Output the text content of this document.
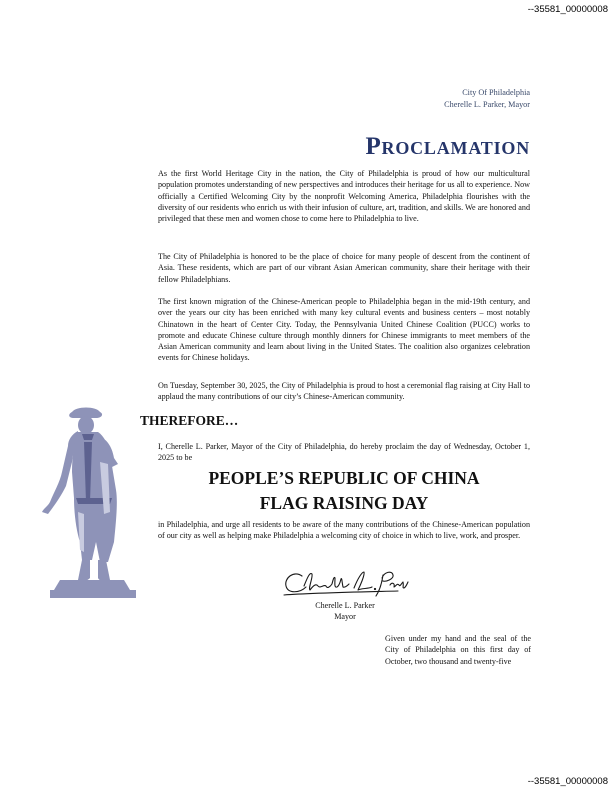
--35581_00000008
City Of Philadelphia
Cherelle L. Parker, Mayor
Proclamation

As the first World Heritage City in the nation, the City of Philadelphia is proud of how our multicultural population promotes understanding of new perspectives and introduces their heritage for us all to experience. Now officially a Certified Welcoming City by the nonprofit Welcoming America, Philadelphia flourishes with the diversity of our residents who enrich us with their infusion of culture, art, tradition, and skills. We are honored and privileged that these men and women chose to come here to Philadelphia to live.

The City of Philadelphia is honored to be the place of choice for many people of descent from the continent of Asia. These residents, which are part of our vibrant Asian American community, share their heritage with their fellow Philadelphians.

The first known migration of the Chinese-American people to Philadelphia began in the mid-19th century, and over the years our city has been enriched with many key cultural events and business centers – most notably Chinatown in the heart of Center City. Today, the Pennsylvania United Chinese Coalition (PUCC) works to promote and educate Chinese culture through monthly dinners for Chinese immigrants to meet members of the Asian American community and learn about living in the United States. The coalition also organizes celebration events for Chinese holidays.

On Tuesday, September 30, 2025, the City of Philadelphia is proud to host a ceremonial flag raising at City Hall to applaud the many contributions of our city’s Chinese-American community.

THEREFORE…

I, Cherelle L. Parker, Mayor of the City of Philadelphia, do hereby proclaim the day of Wednesday, October 1, 2025 to be

PEOPLE’S REPUBLIC OF CHINA
FLAG RAISING DAY

in Philadelphia, and urge all residents to be aware of the many contributions of the Chinese-American population of our city as well as helping make Philadelphia a welcoming city of choice in which to live, work, and prosper.

Cherelle L. Parker
Mayor
Given under my hand and the seal of the City of Philadelphia on this first day of October, two thousand and twenty-five
--35581_00000008
